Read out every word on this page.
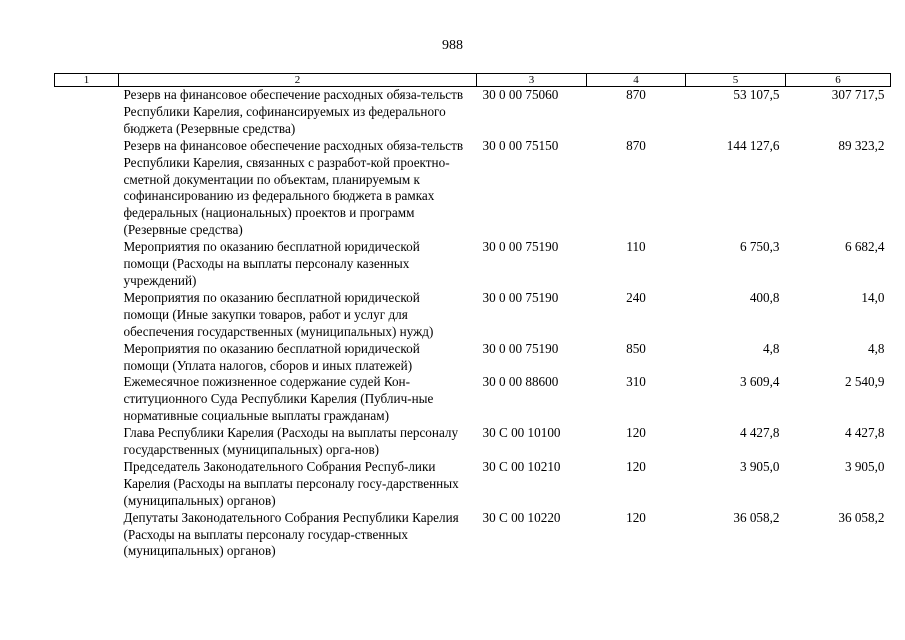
988
1	2	3	4	5	6
	Резерв на финансовое обеспечение расходных обяза-тельств Республики Карелия, софинансируемых из федерального бюджета (Резервные средства)	30 0 00 75060	870	53 107,5	307 717,5
	Резерв на финансовое обеспечение расходных обяза-тельств Республики Карелия, связанных с разработ-кой проектно-сметной документации по объектам, планируемым к софинансированию из федерального бюджета в рамках федеральных (национальных) проектов и программ (Резервные средства)	30 0 00 75150	870	144 127,6	89 323,2
	Мероприятия по оказанию бесплатной юридической помощи (Расходы на выплаты персоналу казенных учреждений)	30 0 00 75190	110	6 750,3	6 682,4
	Мероприятия по оказанию бесплатной юридической помощи (Иные закупки товаров, работ и услуг для обеспечения государственных (муниципальных) нужд)	30 0 00 75190	240	400,8	14,0
	Мероприятия по оказанию бесплатной юридической помощи (Уплата налогов, сборов и иных платежей)	30 0 00 75190	850	4,8	4,8
	Ежемесячное пожизненное содержание судей Кон-ституционного Суда Республики Карелия (Публич-ные нормативные социальные выплаты гражданам)	30 0 00 88600	310	3 609,4	2 540,9
	Глава Республики Карелия (Расходы на выплаты персоналу государственных (муниципальных) орга-нов)	30 С 00 10100	120	4 427,8	4 427,8
	Председатель Законодательного Собрания Респуб-лики Карелия (Расходы на выплаты персоналу госу-дарственных (муниципальных) органов)	30 С 00 10210	120	3 905,0	3 905,0
	Депутаты Законодательного Собрания Республики Карелия (Расходы на выплаты персоналу государ-ственных (муниципальных) органов)	30 С 00 10220	120	36 058,2	36 058,2
